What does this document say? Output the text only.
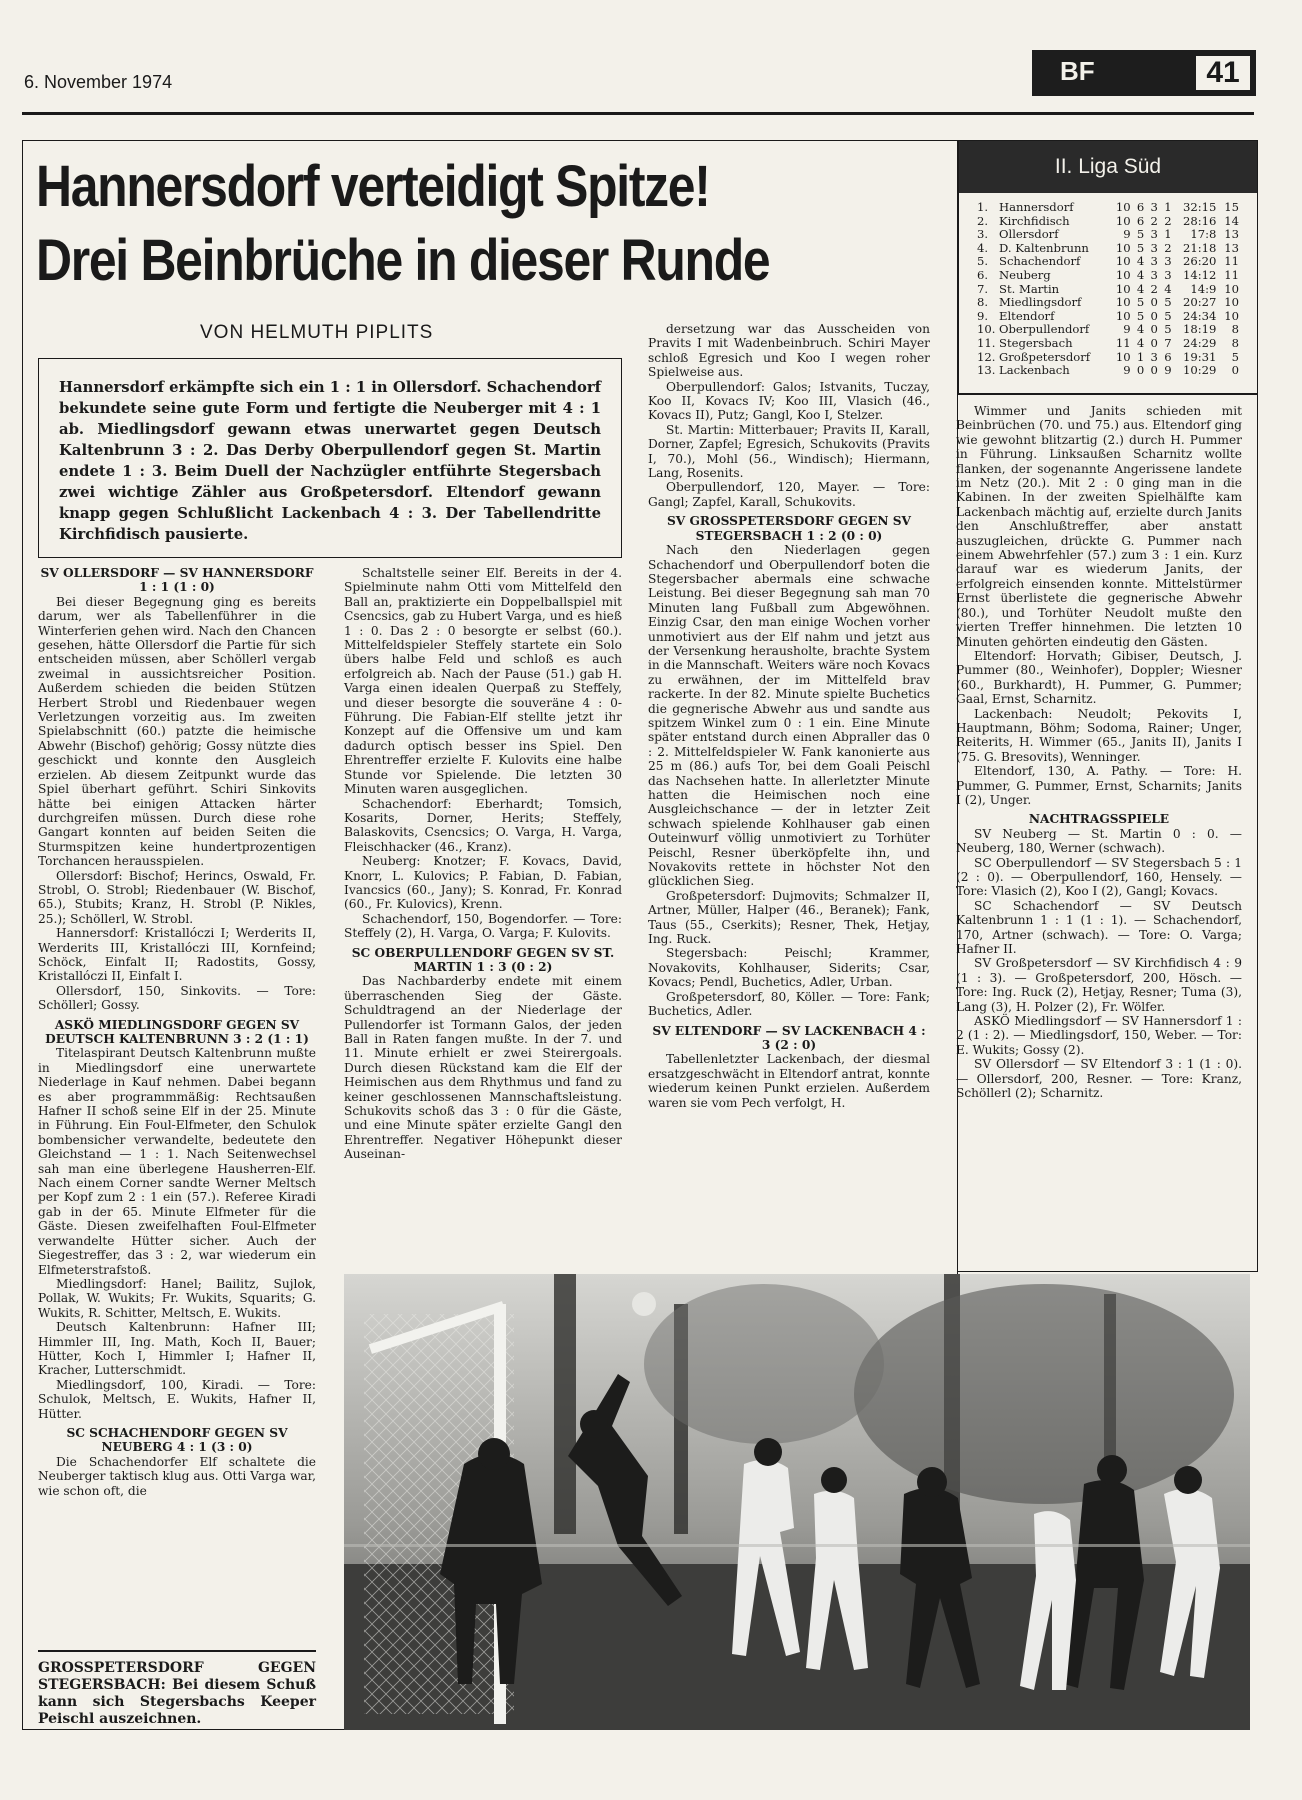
6. November 1974	BF	41
Hannersdorf verteidigt Spitze!
Drei Beinbrüche in dieser Runde
VON HELMUTH PIPLITS
Hannersdorf erkämpfte sich ein 1 : 1 in Ollersdorf. Schachendorf bekundete seine gute Form und fertigte die Neuberger mit 4 : 1 ab. Miedlingsdorf gewann etwas unerwartet gegen Deutsch Kaltenbrunn 3 : 2. Das Derby Oberpullendorf gegen St. Martin endete 1 : 3. Beim Duell der Nachzügler entführte Stegersbach zwei wichtige Zähler aus Großpetersdorf. Eltendorf gewann knapp gegen Schlußlicht Lackenbach 4 : 3. Der Tabellendritte Kirchfidisch pausierte.
II. Liga Süd
1.	Hannersdorf	10	6	3	1	32:15	15
2.	Kirchfidisch	10	6	2	2	28:16	14
3.	Ollersdorf	9	5	3	1	17:8	13
4.	D. Kaltenbrunn	10	5	3	2	21:18	13
5.	Schachendorf	10	4	3	3	26:20	11
6.	Neuberg	10	4	3	3	14:12	11
7.	St. Martin	10	4	2	4	14:9	10
8.	Miedlingsdorf	10	5	0	5	20:27	10
9.	Eltendorf	10	5	0	5	24:34	10
10.	Oberpullendorf	9	4	0	5	18:19	8
11.	Stegersbach	11	4	0	7	24:29	8
12.	Großpetersdorf	10	1	3	6	19:31	5
13.	Lackenbach	9	0	0	9	10:29	0

SV OLLERSDORF — SV HANNERSDORF 1 : 1 (1 : 0)

Bei dieser Begegnung ging es bereits darum, wer als Tabellenführer in die Winterferien gehen wird. Nach den Chancen gesehen, hätte Ollersdorf die Partie für sich entscheiden müssen, aber Schöllerl vergab zweimal in aussichtsreicher Position. Außerdem schieden die beiden Stützen Herbert Strobl und Riedenbauer wegen Verletzungen vorzeitig aus. Im zweiten Spielabschnitt (60.) patzte die heimische Abwehr (Bischof) gehörig; Gossy nützte dies geschickt und konnte den Ausgleich erzielen. Ab diesem Zeitpunkt wurde das Spiel überhart geführt. Schiri Sinkovits hätte bei einigen Attacken härter durchgreifen müssen. Durch diese rohe Gangart konnten auf beiden Seiten die Sturmspitzen keine hundertprozentigen Torchancen herausspielen.

Ollersdorf: Bischof; Herincs, Oswald, Fr. Strobl, O. Strobl; Riedenbauer (W. Bischof, 65.), Stubits; Kranz, H. Strobl (P. Nikles, 25.); Schöllerl, W. Strobl.

Hannersdorf: Kristallóczi I; Werderits II, Werderits III, Kristallóczi III, Kornfeind; Schöck, Einfalt II; Radostits, Gossy, Kristallóczi II, Einfalt I.

Ollersdorf, 150, Sinkovits. — Tore: Schöllerl; Gossy.

ASKÖ MIEDLINGSDORF GEGEN SV DEUTSCH KALTENBRUNN 3 : 2 (1 : 1)

Titelaspirant Deutsch Kaltenbrunn mußte in Miedlingsdorf eine unerwartete Niederlage in Kauf nehmen. Dabei begann es aber programmmäßig: Rechtsaußen Hafner II schoß seine Elf in der 25. Minute in Führung. Ein Foul-Elfmeter, den Schulok bombensicher verwandelte, bedeutete den Gleichstand — 1 : 1. Nach Seitenwechsel sah man eine überlegene Hausherren-Elf. Nach einem Corner sandte Werner Meltsch per Kopf zum 2 : 1 ein (57.). Referee Kiradi gab in der 65. Minute Elfmeter für die Gäste. Diesen zweifelhaften Foul-Elfmeter verwandelte Hütter sicher. Auch der Siegestreffer, das 3 : 2, war wiederum ein Elfmeterstrafstoß.

Miedlingsdorf: Hanel; Bailitz, Sujlok, Pollak, W. Wukits; Fr. Wukits, Squarits; G. Wukits, R. Schitter, Meltsch, E. Wukits.

Deutsch Kaltenbrunn: Hafner III; Himmler III, Ing. Math, Koch II, Bauer; Hütter, Koch I, Himmler I; Hafner II, Kracher, Lutterschmidt.

Miedlingsdorf, 100, Kiradi. — Tore: Schulok, Meltsch, E. Wukits, Hafner II, Hütter.

SC SCHACHENDORF GEGEN SV NEUBERG 4 : 1 (3 : 0)

Die Schachendorfer Elf schaltete die Neuberger taktisch klug aus. Otti Varga war, wie schon oft, die

Schaltstelle seiner Elf. Bereits in der 4. Spielminute nahm Otti vom Mittelfeld den Ball an, praktizierte ein Doppelballspiel mit Csencsics, gab zu Hubert Varga, und es hieß 1 : 0. Das 2 : 0 besorgte er selbst (60.). Mittelfeldspieler Steffely startete ein Solo übers halbe Feld und schloß es auch erfolgreich ab. Nach der Pause (51.) gab H. Varga einen idealen Querpaß zu Steffely, und dieser besorgte die souveräne 4 : 0-Führung. Die Fabian-Elf stellte jetzt ihr Konzept auf die Offensive um und kam dadurch optisch besser ins Spiel. Den Ehrentreffer erzielte F. Kulovits eine halbe Stunde vor Spielende. Die letzten 30 Minuten waren ausgeglichen.

Schachendorf: Eberhardt; Tomsich, Kosarits, Dorner, Herits; Steffely, Balaskovits, Csencsics; O. Varga, H. Varga, Fleischhacker (46., Kranz).

Neuberg: Knotzer; F. Kovacs, David, Knorr, L. Kulovics; P. Fabian, D. Fabian, Ivancsics (60., Jany); S. Konrad, Fr. Konrad (60., Fr. Kulovics), Krenn.

Schachendorf, 150, Bogendorfer. — Tore: Steffely (2), H. Varga, O. Varga; F. Kulovits.

SC OBERPULLENDORF GEGEN SV ST. MARTIN 1 : 3 (0 : 2)

Das Nachbarderby endete mit einem überraschenden Sieg der Gäste. Schuldtragend an der Niederlage der Pullendorfer ist Tormann Galos, der jeden Ball in Raten fangen mußte. In der 7. und 11. Minute erhielt er zwei Steirergoals. Durch diesen Rückstand kam die Elf der Heimischen aus dem Rhythmus und fand zu keiner geschlossenen Mannschaftsleistung. Schukovits schoß das 3 : 0 für die Gäste, und eine Minute später erzielte Gangl den Ehrentreffer. Negativer Höhepunkt dieser Auseinan-

dersetzung war das Ausscheiden von Pravits I mit Wadenbeinbruch. Schiri Mayer schloß Egresich und Koo I wegen roher Spielweise aus.

Oberpullendorf: Galos; Istvanits, Tuczay, Koo II, Kovacs IV; Koo III, Vlasich (46., Kovacs II), Putz; Gangl, Koo I, Stelzer.

St. Martin: Mitterbauer; Pravits II, Karall, Dorner, Zapfel; Egresich, Schukovits (Pravits I, 70.), Mohl (56., Windisch); Hiermann, Lang, Rosenits.

Oberpullendorf, 120, Mayer. — Tore: Gangl; Zapfel, Karall, Schukovits.

SV GROSSPETERSDORF GEGEN SV STEGERSBACH 1 : 2 (0 : 0)

Nach den Niederlagen gegen Schachendorf und Oberpullendorf boten die Stegersbacher abermals eine schwache Leistung. Bei dieser Begegnung sah man 70 Minuten lang Fußball zum Abgewöhnen. Einzig Csar, den man einige Wochen vorher unmotiviert aus der Elf nahm und jetzt aus der Versenkung herausholte, brachte System in die Mannschaft. Weiters wäre noch Kovacs zu erwähnen, der im Mittelfeld brav rackerte. In der 82. Minute spielte Buchetics die gegnerische Abwehr aus und sandte aus spitzem Winkel zum 0 : 1 ein. Eine Minute später entstand durch einen Abpraller das 0 : 2. Mittelfeldspieler W. Fank kanonierte aus 25 m (86.) aufs Tor, bei dem Goali Peischl das Nachsehen hatte. In allerletzter Minute hatten die Heimischen noch eine Ausgleichschance — der in letzter Zeit schwach spielende Kohlhauser gab einen Outeinwurf völlig unmotiviert zu Torhüter Peischl, Resner überköpfelte ihn, und Novakovits rettete in höchster Not den glücklichen Sieg.

Großpetersdorf: Dujmovits; Schmalzer II, Artner, Müller, Halper (46., Beranek); Fank, Taus (55., Cserkits); Resner, Thek, Hetjay, Ing. Ruck.

Stegersbach: Peischl; Krammer, Novakovits, Kohlhauser, Siderits; Csar, Kovacs; Pendl, Buchetics, Adler, Urban.

Großpetersdorf, 80, Köller. — Tore: Fank; Buchetics, Adler.

SV ELTENDORF — SV LACKENBACH 4 : 3 (2 : 0)

Tabellenletzter Lackenbach, der diesmal ersatzgeschwächt in Eltendorf antrat, konnte wiederum keinen Punkt erzielen. Außerdem waren sie vom Pech verfolgt, H.

Wimmer und Janits schieden mit Beinbrüchen (70. und 75.) aus. Eltendorf ging wie gewohnt blitzartig (2.) durch H. Pummer in Führung. Linksaußen Scharnitz wollte flanken, der sogenannte Angerissene landete im Netz (20.). Mit 2 : 0 ging man in die Kabinen. In der zweiten Spielhälfte kam Lackenbach mächtig auf, erzielte durch Janits den Anschlußtreffer, aber anstatt auszugleichen, drückte G. Pummer nach einem Abwehrfehler (57.) zum 3 : 1 ein. Kurz darauf war es wiederum Janits, der erfolgreich einsenden konnte. Mittelstürmer Ernst überlistete die gegnerische Abwehr (80.), und Torhüter Neudolt mußte den vierten Treffer hinnehmen. Die letzten 10 Minuten gehörten eindeutig den Gästen.

Eltendorf: Horvath; Gibiser, Deutsch, J. Pummer (80., Weinhofer), Doppler; Wiesner (60., Burkhardt), H. Pummer, G. Pummer; Gaal, Ernst, Scharnitz.

Lackenbach: Neudolt; Pekovits I, Hauptmann, Böhm; Sodoma, Rainer; Unger, Reiterits, H. Wimmer (65., Janits II), Janits I (75. G. Bresovits), Wenninger.

Eltendorf, 130, A. Pathy. — Tore: H. Pummer, G. Pummer, Ernst, Scharnits; Janits I (2), Unger.

NACHTRAGSSPIELE

SV Neuberg — St. Martin 0 : 0. — Neuberg, 180, Werner (schwach).

SC Oberpullendorf — SV Stegersbach 5 : 1 (2 : 0). — Oberpullendorf, 160, Hensely. — Tore: Vlasich (2), Koo I (2), Gangl; Kovacs.

SC Schachendorf — SV Deutsch Kaltenbrunn 1 : 1 (1 : 1). — Schachendorf, 170, Artner (schwach). — Tore: O. Varga; Hafner II.

SV Großpetersdorf — SV Kirchfidisch 4 : 9 (1 : 3). — Großpetersdorf, 200, Hösch. — Tore: Ing. Ruck (2), Hetjay, Resner; Tuma (3), Lang (3), H. Polzer (2), Fr. Wölfer.

ASKÖ Miedlingsdorf — SV Hannersdorf 1 : 2 (1 : 2). — Miedlingsdorf, 150, Weber. — Tor: E. Wukits; Gossy (2).

SV Ollersdorf — SV Eltendorf 3 : 1 (1 : 0). — Ollersdorf, 200, Resner. — Tore: Kranz, Schöllerl (2); Scharnitz.

GROSSPETERSDORF GEGEN STEGERSBACH: Bei diesem Schuß kann sich Stegersbachs Keeper Peischl auszeichnen.
